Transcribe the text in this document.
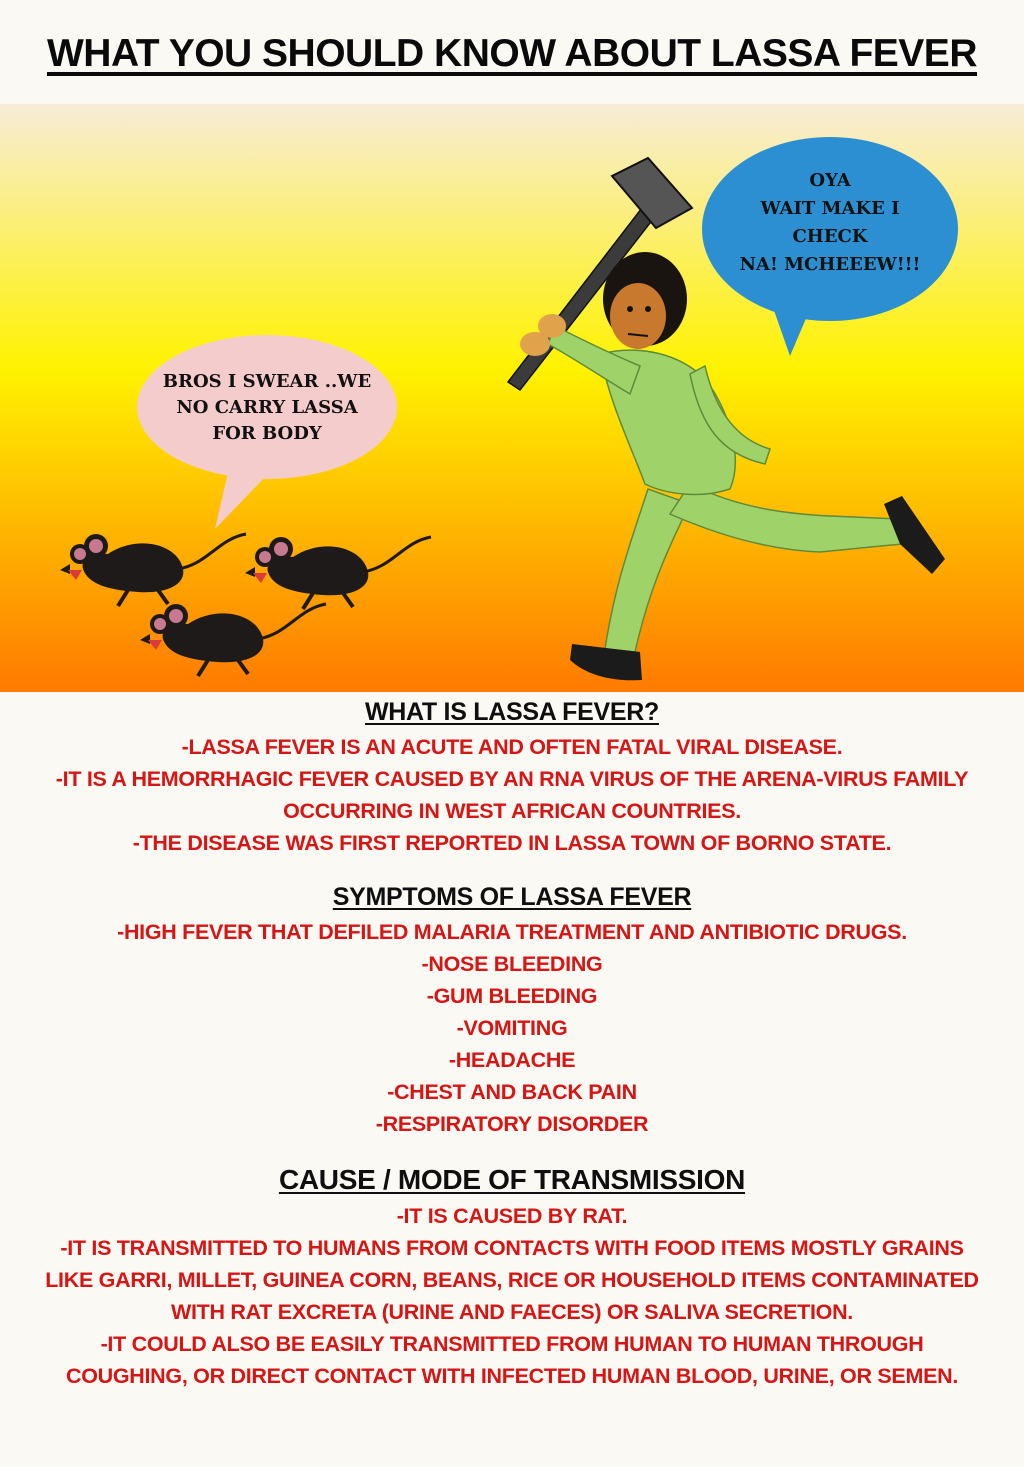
WHAT YOU SHOULD KNOW ABOUT LASSA FEVER
BROS I SWEAR ..WE
NO CARRY LASSA
FOR BODY
OYA
WAIT MAKE I
CHECK
NA! MCHEEEW!!!
WHAT IS LASSA FEVER?
-LASSA FEVER IS AN ACUTE AND OFTEN FATAL VIRAL DISEASE.
-IT IS A HEMORRHAGIC FEVER CAUSED BY AN RNA VIRUS OF THE ARENA-VIRUS FAMILY OCCURRING IN WEST AFRICAN COUNTRIES.
-THE DISEASE WAS FIRST REPORTED IN LASSA TOWN OF BORNO STATE.
SYMPTOMS OF LASSA FEVER
-HIGH FEVER THAT DEFILED MALARIA TREATMENT AND ANTIBIOTIC DRUGS.
-NOSE BLEEDING
-GUM BLEEDING
-VOMITING
-HEADACHE
-CHEST AND BACK PAIN
-RESPIRATORY DISORDER
CAUSE / MODE OF TRANSMISSION
-IT IS CAUSED BY RAT.
-IT IS TRANSMITTED TO HUMANS FROM CONTACTS WITH FOOD ITEMS MOSTLY GRAINS LIKE GARRI, MILLET, GUINEA CORN, BEANS, RICE OR HOUSEHOLD ITEMS CONTAMINATED WITH RAT EXCRETA (URINE AND FAECES) OR SALIVA SECRETION.
-IT COULD ALSO BE EASILY TRANSMITTED FROM HUMAN TO HUMAN THROUGH COUGHING, OR DIRECT CONTACT WITH INFECTED HUMAN BLOOD, URINE, OR SEMEN.
